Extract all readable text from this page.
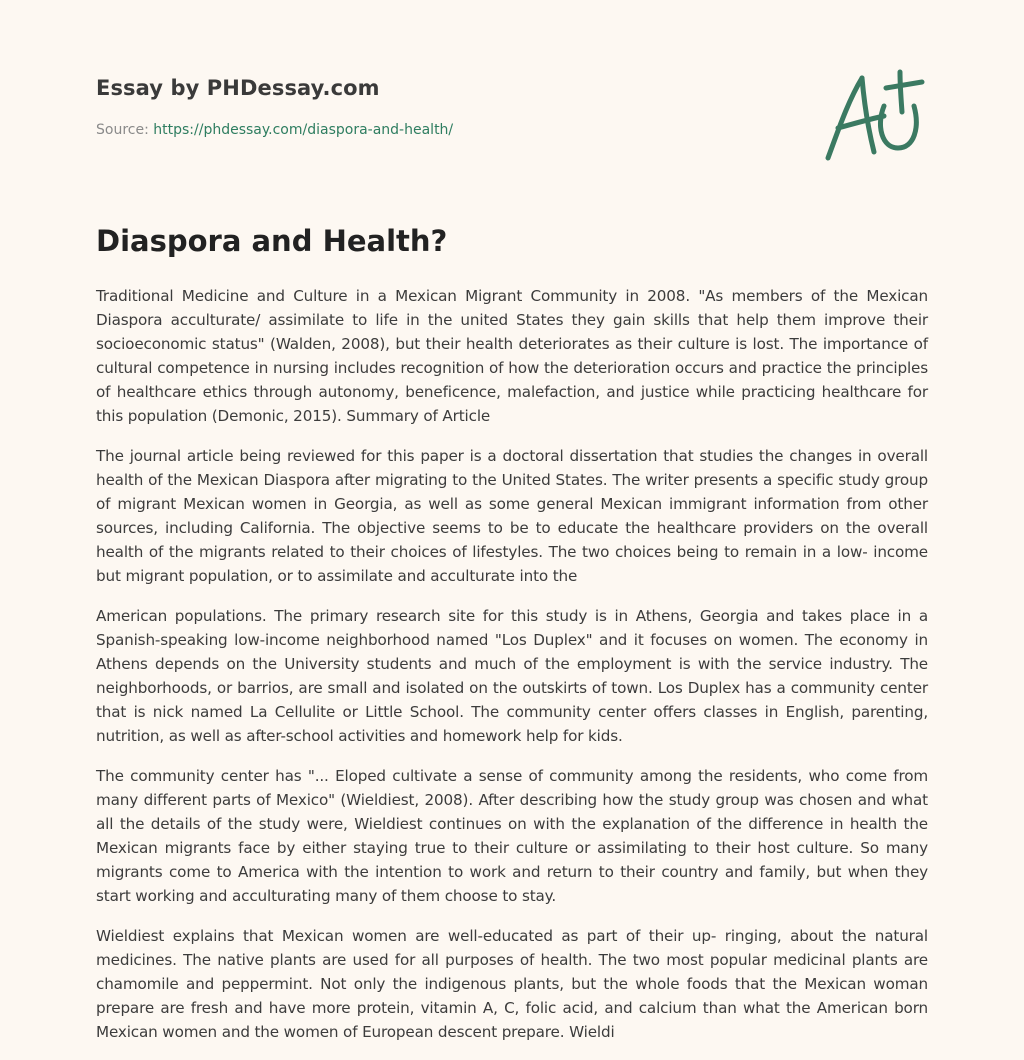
Essay by PHDessay.com
Source: https://phdessay.com/diaspora-and-health/
Diaspora and Health?

Traditional Medicine and Culture in a Mexican Migrant Community in 2008. "As members of the Mexican Diaspora acculturate/ assimilate to life in the united States they gain skills that help them improve their socioeconomic status" (Walden, 2008), but their health deteriorates as their culture is lost. The importance of cultural competence in nursing includes recognition of how the deterioration occurs and practice the principles of healthcare ethics through autonomy, beneficence, malefaction, and justice while practicing healthcare for this population (Demonic, 2015). Summary of Article

The journal article being reviewed for this paper is a doctoral dissertation that studies the changes in overall health of the Mexican Diaspora after migrating to the United States. The writer presents a specific study group of migrant Mexican women in Georgia, as well as some general Mexican immigrant information from other sources, including California. The objective seems to be to educate the healthcare providers on the overall health of the migrants related to their choices of lifestyles. The two choices being to remain in a low- income but migrant population, or to assimilate and acculturate into the

American populations. The primary research site for this study is in Athens, Georgia and takes place in a Spanish-speaking low-income neighborhood named "Los Duplex" and it focuses on women. The economy in Athens depends on the University students and much of the employment is with the service industry. The neighborhoods, or barrios, are small and isolated on the outskirts of town. Los Duplex has a community center that is nick named La Cellulite or Little School. The community center offers classes in English, parenting, nutrition, as well as after-school activities and homework help for kids.

The community center has "... Eloped cultivate a sense of community among the residents, who come from many different parts of Mexico" (Wieldiest, 2008). After describing how the study group was chosen and what all the details of the study were, Wieldiest continues on with the explanation of the difference in health the Mexican migrants face by either staying true to their culture or assimilating to their host culture. So many migrants come to America with the intention to work and return to their country and family, but when they start working and acculturating many of them choose to stay.

Wieldiest explains that Mexican women are well-educated as part of their up- ringing, about the natural medicines. The native plants are used for all purposes of health. The two most popular medicinal plants are chamomile and peppermint. Not only the indigenous plants, but the whole foods that the Mexican woman prepare are fresh and have more protein, vitamin A, C, folic acid, and calcium than what the American born Mexican women and the women of European descent prepare. Wieldi
